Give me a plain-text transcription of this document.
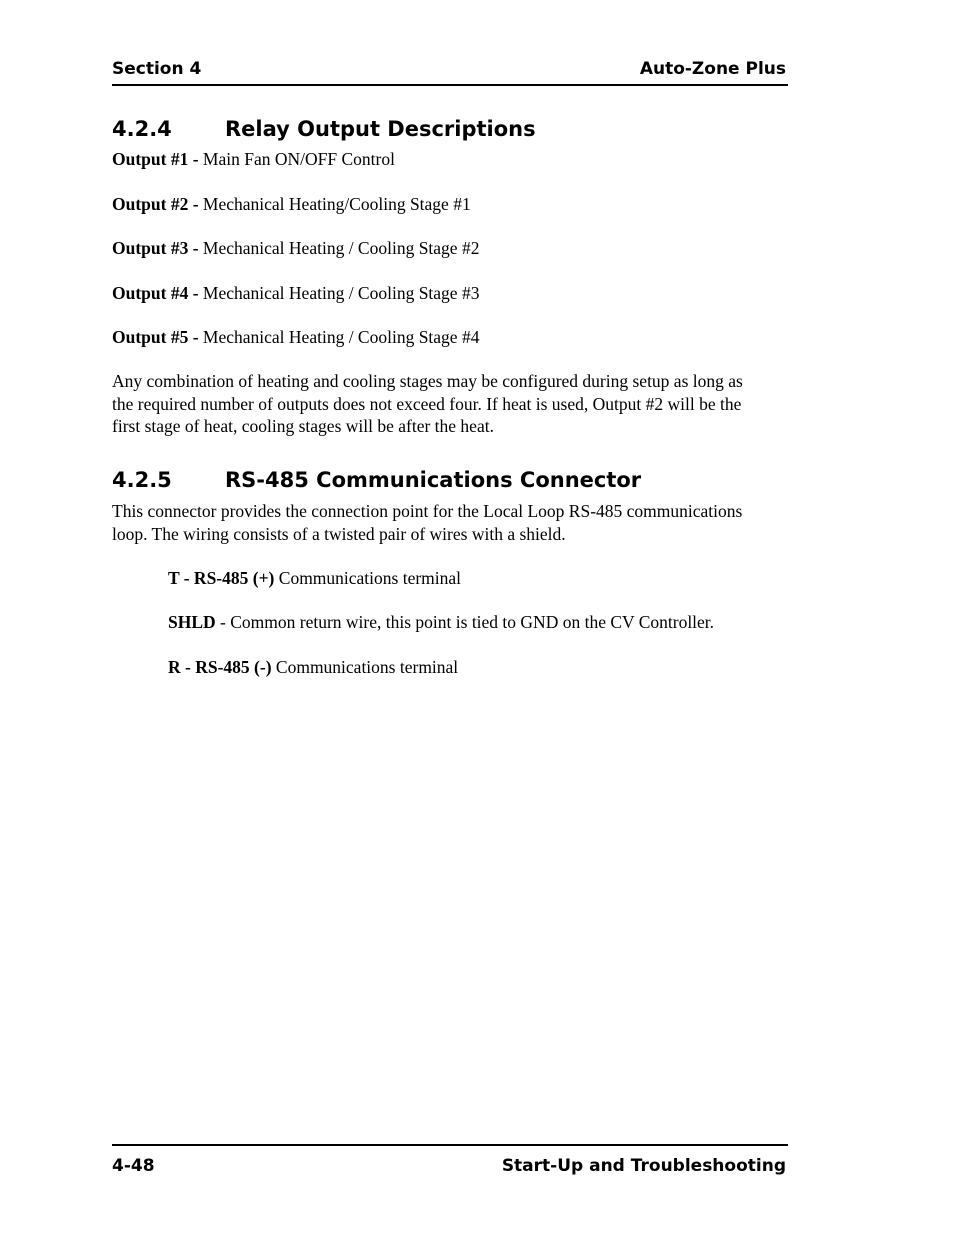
Section 4	Auto-Zone Plus
4.2.4	Relay Output Descriptions
Output #1 - Main Fan ON/OFF Control
Output #2 - Mechanical Heating/Cooling Stage #1
Output #3 - Mechanical Heating / Cooling Stage #2
Output #4 - Mechanical Heating / Cooling Stage #3
Output #5 - Mechanical Heating / Cooling Stage #4
Any combination of heating and cooling stages may be configured during setup as long as
the required number of outputs does not exceed four. If heat is used, Output #2 will be the
first stage of heat, cooling stages will be after the heat.
4.2.5	RS-485 Communications Connector
This connector provides the connection point for the Local Loop RS-485 communications
loop. The wiring consists of a twisted pair of wires with a shield.
T - RS-485 (+) Communications terminal
SHLD - Common return wire, this point is tied to GND on the CV Controller.
R - RS-485 (-) Communications terminal
4-48	Start-Up and Troubleshooting
